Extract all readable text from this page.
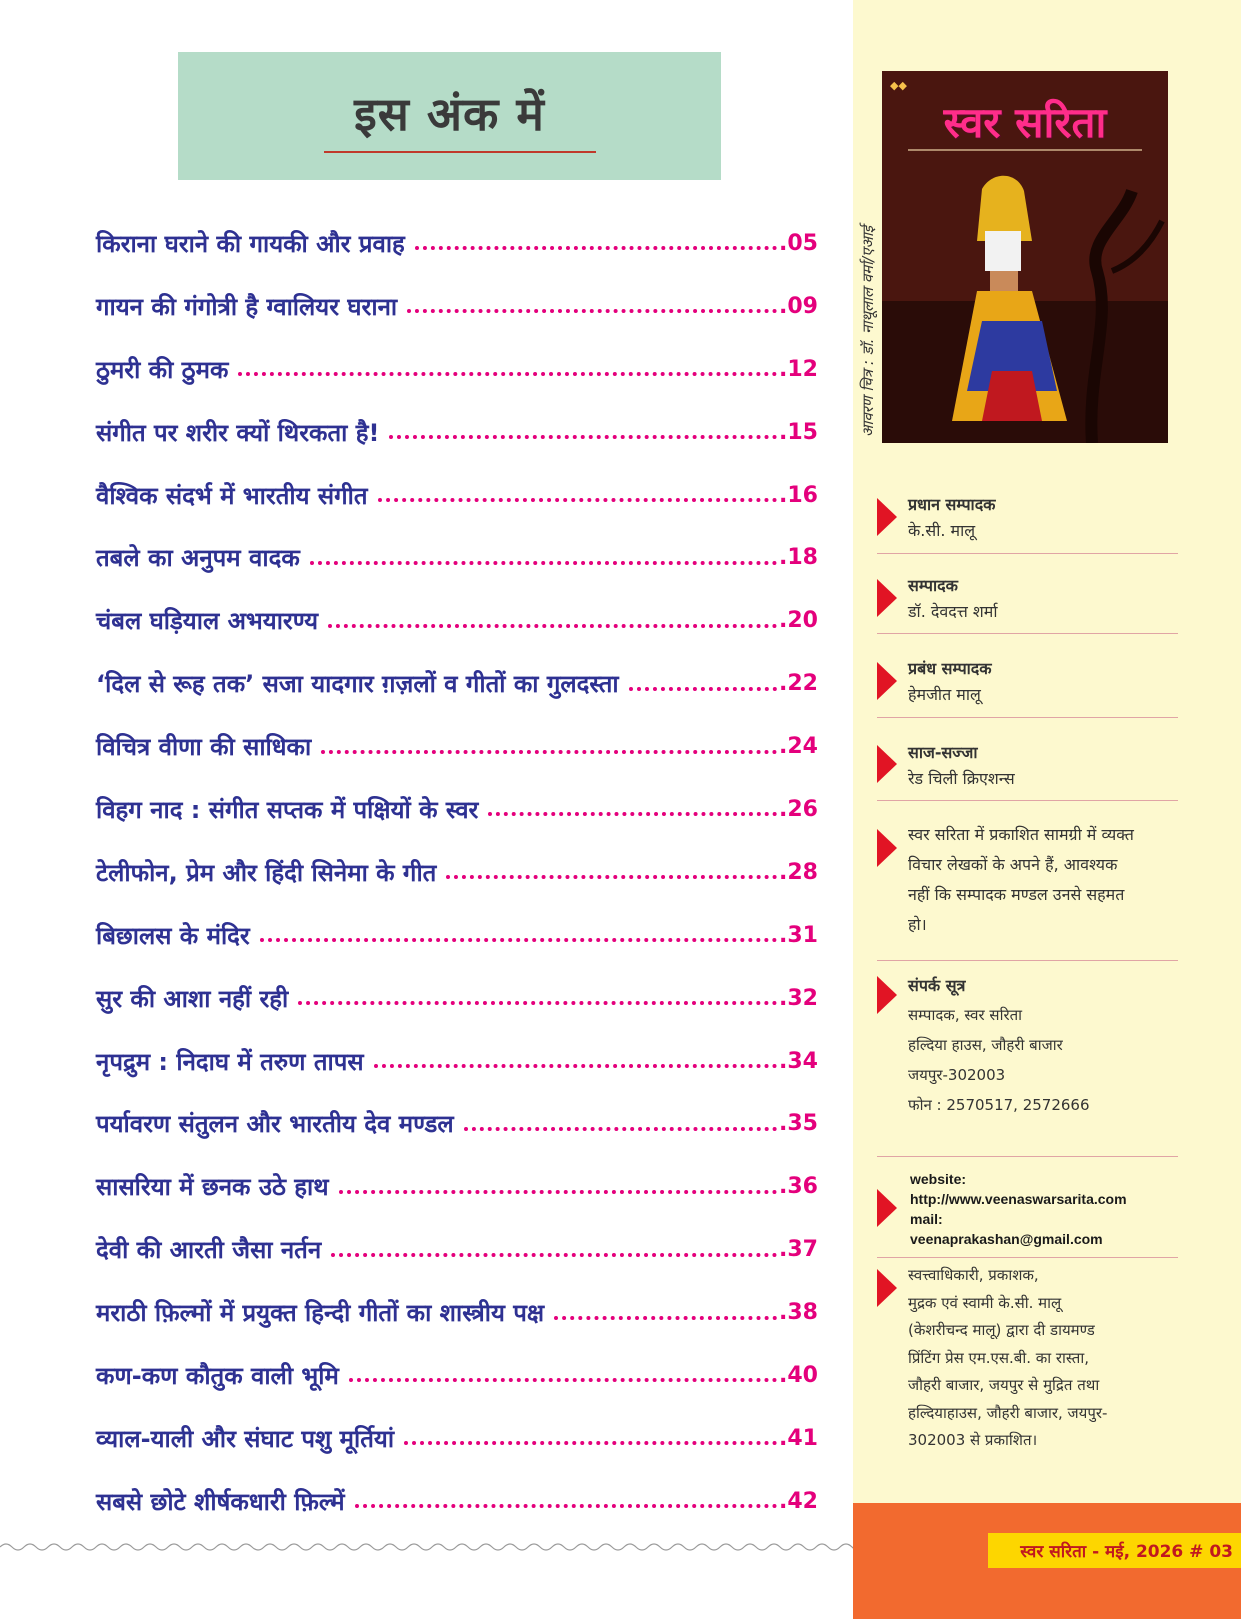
इस अंक में
किराना घराने की गायकी और प्रवाह	.05
गायन की गंगोत्री है ग्वालियर घराना	.09
ठुमरी की ठुमक	.12
संगीत पर शरीर क्यों थिरकता है!	.15
वैश्विक संदर्भ में भारतीय संगीत	.16
तबले का अनुपम वादक	.18
चंबल घड़ियाल अभयारण्य	.20
‘दिल से रूह तक’ सजा यादगार ग़ज़लों व गीतों का गुलदस्ता	.22
विचित्र वीणा की साधिका	.24
विहग नाद : संगीत सप्तक में पक्षियों के स्वर	.26
टेलीफोन, प्रेम और हिंदी सिनेमा के गीत	.28
बिछालस के मंदिर	.31
सुर की आशा नहीं रही	.32
नृपद्रुम : निदाघ में तरुण तापस	.34
पर्यावरण संतुलन और भारतीय देव मण्डल	.35
सासरिया में छनक उठे हाथ	.36
देवी की आरती जैसा नर्तन	.37
मराठी फ़िल्मों में प्रयुक्त हिन्दी गीतों का शास्त्रीय पक्ष	.38
कण-कण कौतुक वाली भूमि	.40
व्याल-याली और संघाट पशु मूर्तियां	.41
सबसे छोटे शीर्षकधारी फ़िल्में	.42
आवरण चित्र : डॉ. नाथूलाल वर्मा/एआई
◆◆
स्वर सरिता
प्रधान सम्पादक
के.सी. मालू
सम्पादक
डॉ. देवदत्त शर्मा
प्रबंध सम्पादक
हेमजीत मालू
साज-सज्जा
रेड चिली क्रिएशन्स
स्वर सरिता में प्रकाशित सामग्री में व्यक्त
विचार लेखकों के अपने हैं, आवश्यक
नहीं कि सम्पादक मण्डल उनसे सहमत
हो।
संपर्क सूत्र
सम्पादक, स्वर सरिता
हल्दिया हाउस, जौहरी बाजार
जयपुर-302003
फोन : 2570517, 2572666
website:
http://www.veenaswarsarita.com
mail:
veenaprakashan@gmail.com
स्वत्त्वाधिकारी, प्रकाशक,
मुद्रक एवं स्वामी के.सी. मालू
(केशरीचन्द मालू) द्वारा दी डायमण्ड
प्रिंटिंग प्रेस एम.एस.बी. का रास्ता,
जौहरी बाजार, जयपुर से मुद्रित तथा
हल्दियाहाउस, जौहरी बाजार, जयपुर-
302003 से प्रकाशित।
स्वर सरिता - मई, 2026 # 03
